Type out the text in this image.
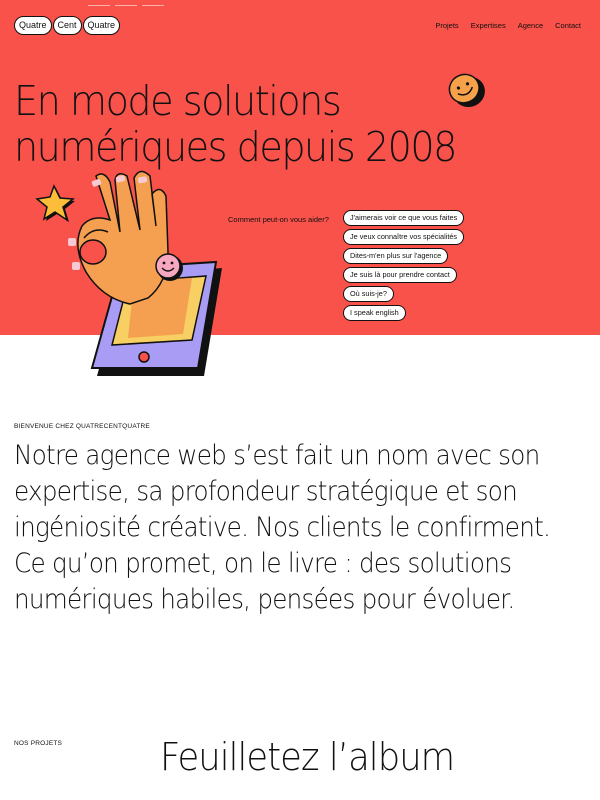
Quatre	Cent	Quatre	Projets Expertises Agence Contact
En mode solutions
numériques depuis 2008
Comment peut-on vous aider?	J'aimerais voir ce que vous faites
Je veux connaître vos spécialités
Dites-m'en plus sur l'agence
Je suis là pour prendre contact
Où suis-je?
I speak english
BIENVENUE CHEZ QUATRECENTQUATRE

Notre agence web s’est fait un nom avec son expertise, sa profondeur stratégique et son ingéniosité créative. Nos clients le confirment. Ce qu’on promet, on le livre : des solutions numériques habiles, pensées pour évoluer.

NOS PROJETS	Feuilletez l’album
